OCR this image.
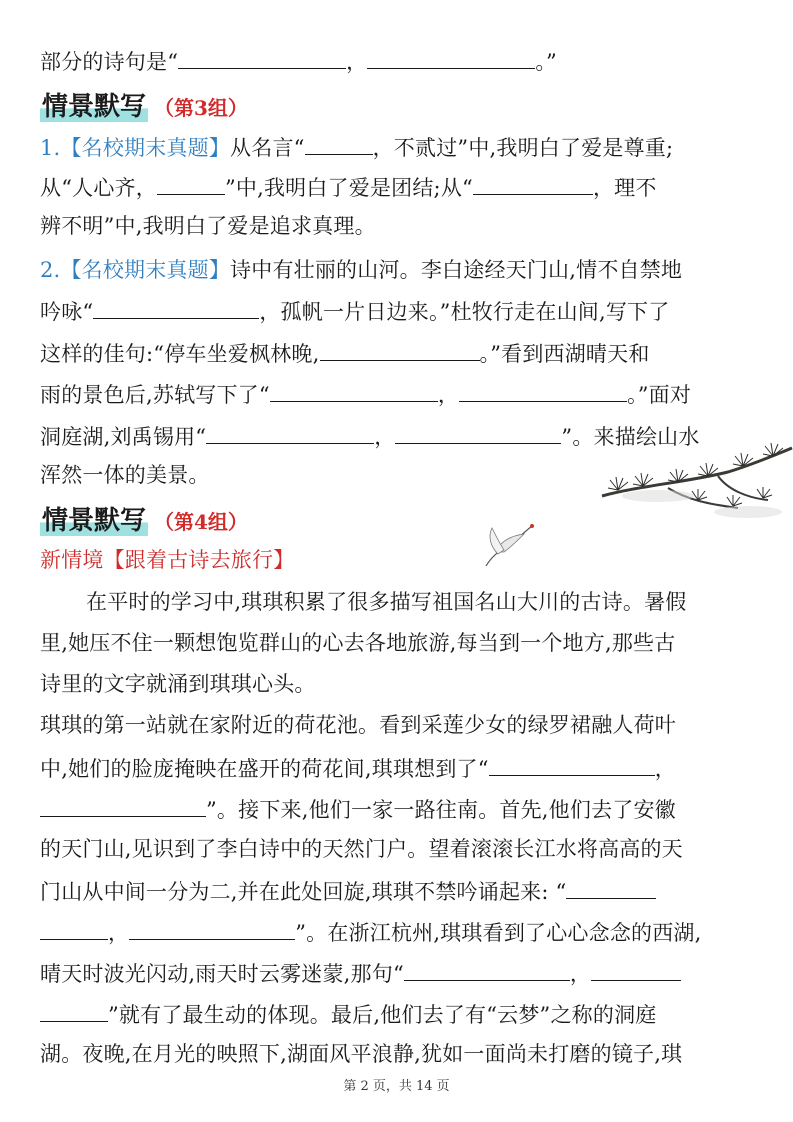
部分的诗句是“	，	。”
情景默写 （第3组）
1.【名校期末真题】从名言“	，不贰过”中,我明白了爱是尊重;
从“人心齐，	”中,我明白了爱是团结;从“	，理不
辨不明”中,我明白了爱是追求真理。
2.【名校期末真题】诗中有壮丽的山河。李白途经天门山,情不自禁地
吟咏“	，孤帆一片日边来。”杜牧行走在山间,写下了
这样的佳句:“停车坐爱枫林晚,	。”看到西湖晴天和
雨的景色后,苏轼写下了“	，	。”面对
洞庭湖,刘禹锡用“	，	”。来描绘山水
浑然一体的美景。
情景默写 （第4组）
新情境【跟着古诗去旅行】
在平时的学习中,琪琪积累了很多描写祖国名山大川的古诗。暑假
里,她压不住一颗想饱览群山的心去各地旅游,每当到一个地方,那些古
诗里的文字就涌到琪琪心头。
琪琪的第一站就在家附近的荷花池。看到采莲少女的绿罗裙融人荷叶
中,她们的脸庞掩映在盛开的荷花间,琪琪想到了“	，
”。接下来,他们一家一路往南。首先,他们去了安徽
的天门山,见识到了李白诗中的天然门户。望着滚滚长江水将高高的天
门山从中间一分为二,并在此处回旋,琪琪不禁吟诵起来: “
，	”。在浙江杭州,琪琪看到了心心念念的西湖,
晴天时波光闪动,雨天时云雾迷蒙,那句“	，
”就有了最生动的体现。最后,他们去了有“云梦”之称的洞庭
湖。夜晚,在月光的映照下,湖面风平浪静,犹如一面尚未打磨的镜子,琪
第 2 页，共 14 页
